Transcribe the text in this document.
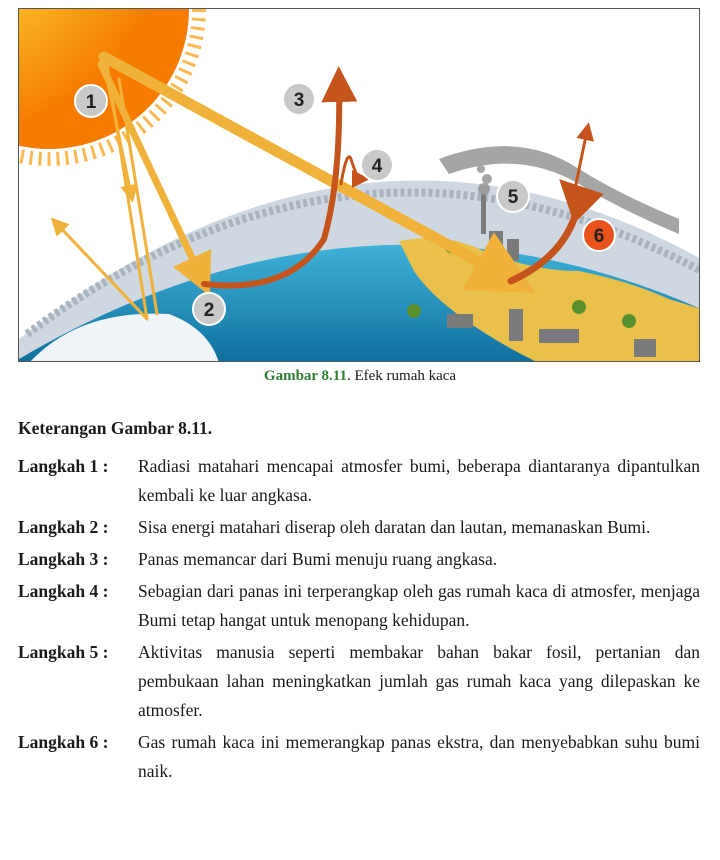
1
2
3
4
5
6
Gambar 8.11. Efek rumah kaca
Keterangan Gambar 8.11.
Langkah 1 :	Radiasi matahari mencapai atmosfer bumi, beberapa diantaranya dipantulkan kembali ke luar angkasa.
Langkah 2 :	Sisa energi matahari diserap oleh daratan dan lautan, memanaskan Bumi.
Langkah 3 :	Panas memancar dari Bumi menuju ruang angkasa.
Langkah 4 :	Sebagian dari panas ini terperangkap oleh gas rumah kaca di atmosfer, menjaga Bumi tetap hangat untuk menopang kehidupan.
Langkah 5 :	Aktivitas manusia seperti membakar bahan bakar fosil, pertanian dan pembukaan lahan meningkatkan jumlah gas rumah kaca yang dilepaskan ke atmosfer.
Langkah 6 :	Gas rumah kaca ini memerangkap panas ekstra, dan menyebabkan suhu bumi naik.
